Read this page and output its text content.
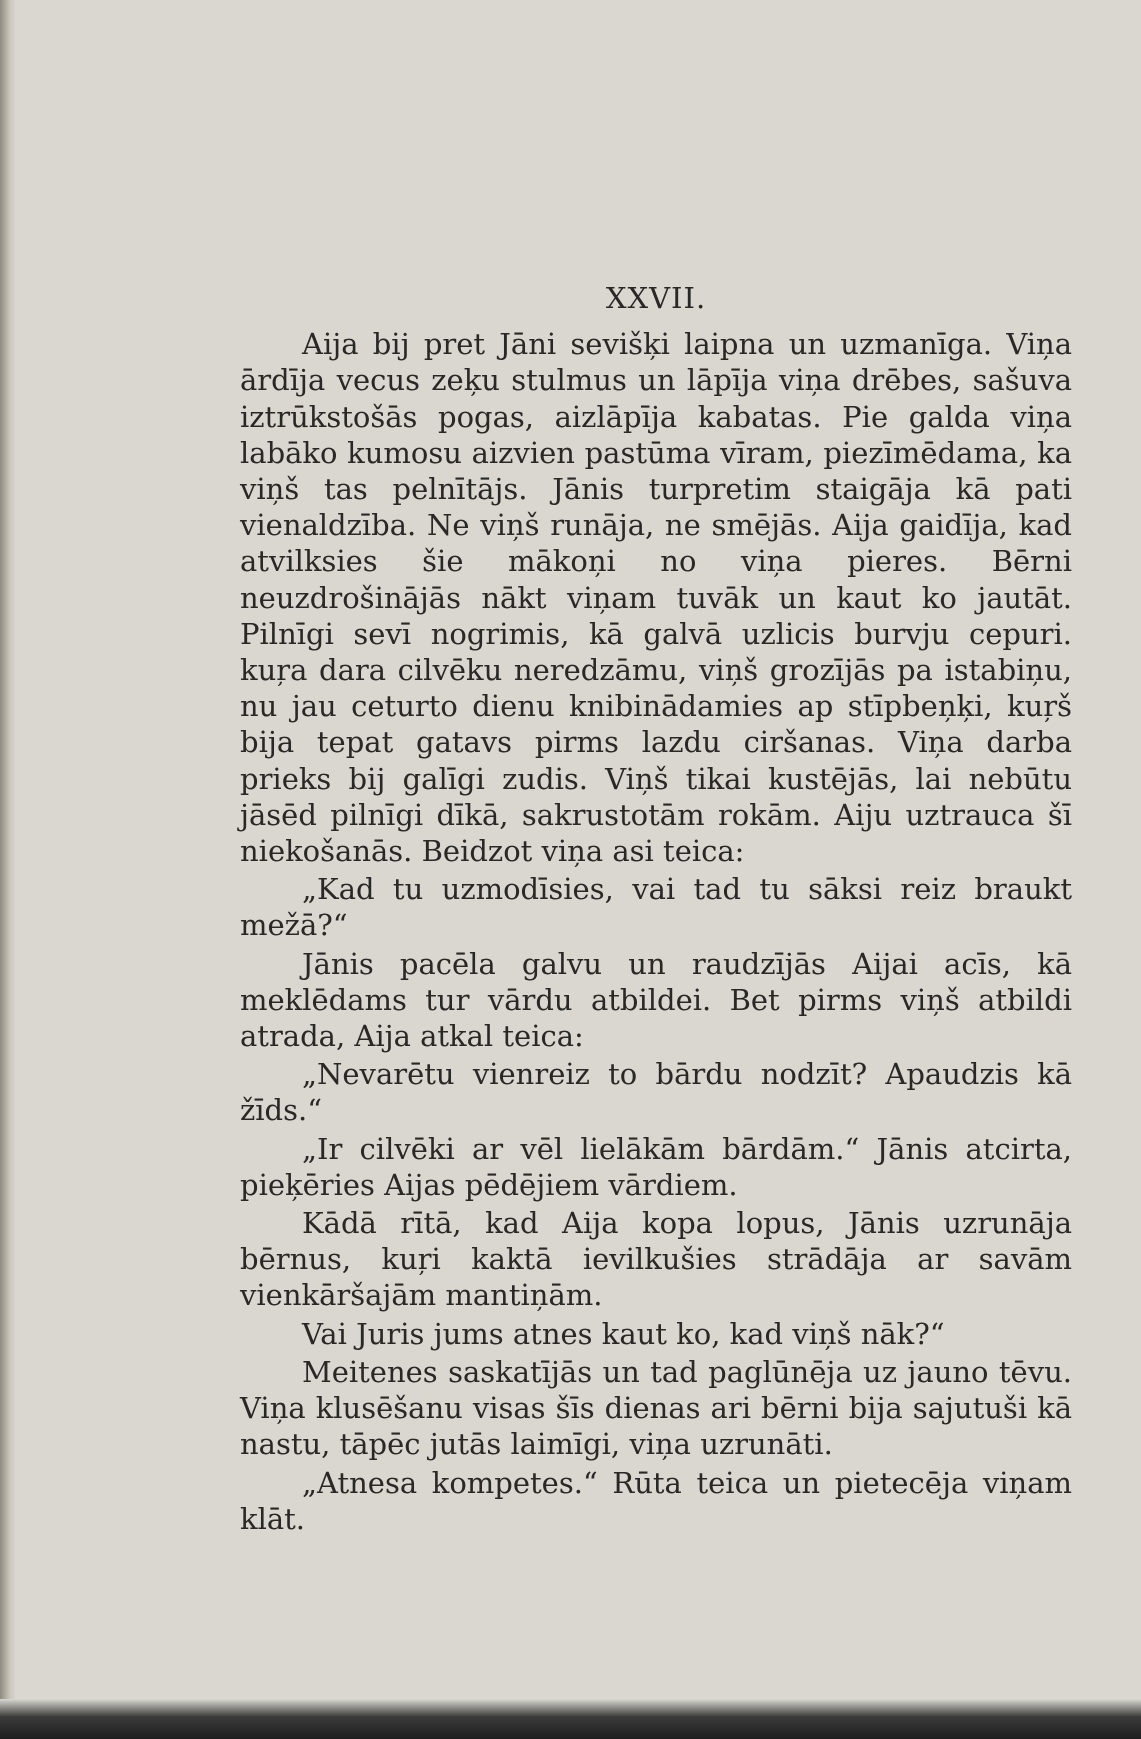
XXVII.

Aija bij pret Jāni sevišķi laipna un uzmanīga. Viņa ārdīja vecus zeķu stulmus un lāpīja viņa drēbes, sašuva iztrūkstošās pogas, aizlāpīja kabatas. Pie galda viņa labāko kumosu aizvien pastūma vīram, piezīmēdama, ka viņš tas pelnītājs. Jānis turpretim staigāja kā pati vienaldzība. Ne viņš runāja, ne smējās. Aija gaidīja, kad atvilksies šie mākoņi no viņa pieres. Bērni neuzdrošinājās nākt viņam tuvāk un kaut ko jautāt. Pilnīgi sevī nogrimis, kā galvā uzlicis burvju cepuri. kuŗa dara cilvēku neredzāmu, viņš grozījās pa istabiņu, nu jau ceturto dienu knibinādamies ap stīpbeņķi, kuŗš bija tepat gatavs pirms lazdu ciršanas. Viņa darba prieks bij galīgi zudis. Viņš tikai kustējās, lai nebūtu jāsēd pilnīgi dīkā, sakrustotām rokām. Aiju uztrauca šī niekošanās. Beidzot viņa asi teica:

„Kad tu uzmodīsies, vai tad tu sāksi reiz braukt mežā?“

Jānis pacēla galvu un raudzījās Aijai acīs, kā meklēdams tur vārdu atbildei. Bet pirms viņš atbildi atrada, Aija atkal teica:

„Nevarētu vienreiz to bārdu nodzīt? Apaudzis kā žīds.“

„Ir cilvēki ar vēl lielākām bārdām.“ Jānis atcirta, pieķēries Aijas pēdējiem vārdiem.

Kādā rītā, kad Aija kopa lopus, Jānis uzrunāja bērnus, kuŗi kaktā ievilkušies strādāja ar savām vienkāršajām mantiņām.

Vai Juris jums atnes kaut ko, kad viņš nāk?“

Meitenes saskatījās un tad paglūnēja uz jauno tēvu. Viņa klusēšanu visas šīs dienas ari bērni bija sajutuši kā nastu, tāpēc jutās laimīgi, viņa uzrunāti.

„Atnesa kompetes.“ Rūta teica un pietecēja viņam klāt.
